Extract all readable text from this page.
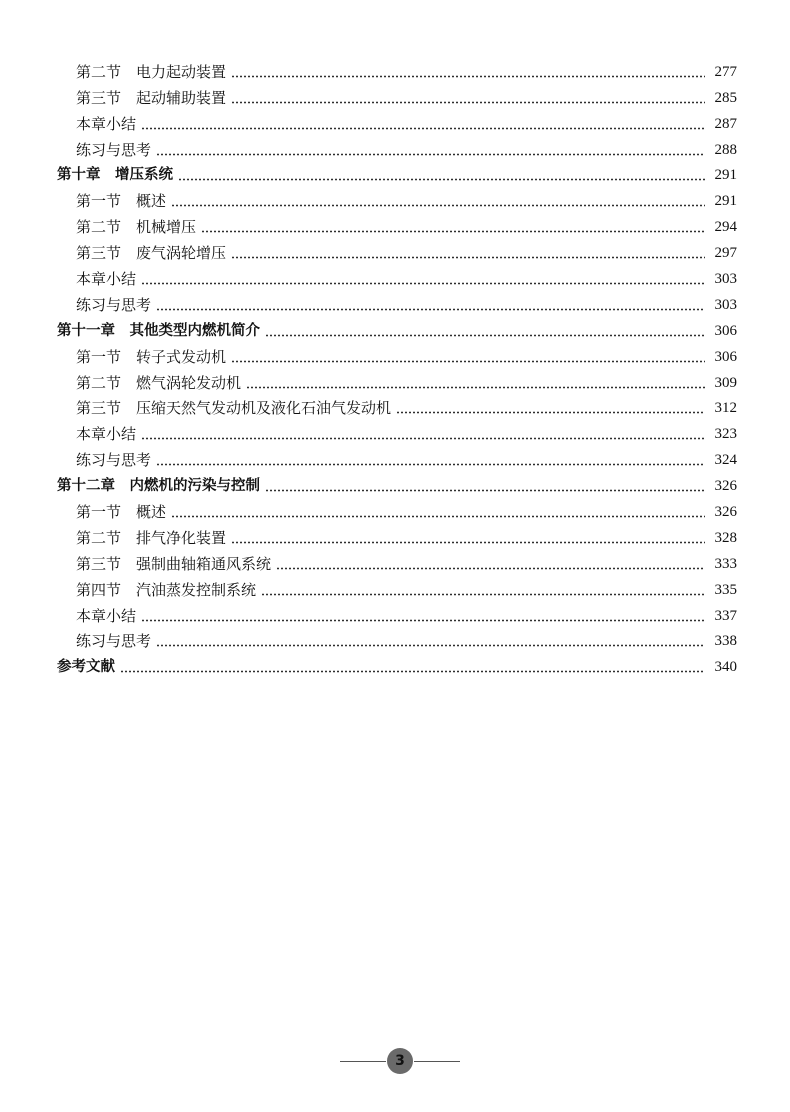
第二节　电力起动装置	277
第三节　起动辅助装置	285
本章小结	287
练习与思考	288
第十章　增压系统	291
第一节　概述	291
第二节　机械增压	294
第三节　废气涡轮增压	297
本章小结	303
练习与思考	303
第十一章　其他类型内燃机简介	306
第一节　转子式发动机	306
第二节　燃气涡轮发动机	309
第三节　压缩天然气发动机及液化石油气发动机	312
本章小结	323
练习与思考	324
第十二章　内燃机的污染与控制	326
第一节　概述	326
第二节　排气净化装置	328
第三节　强制曲轴箱通风系统	333
第四节　汽油蒸发控制系统	335
本章小结	337
练习与思考	338
参考文献	340
3
